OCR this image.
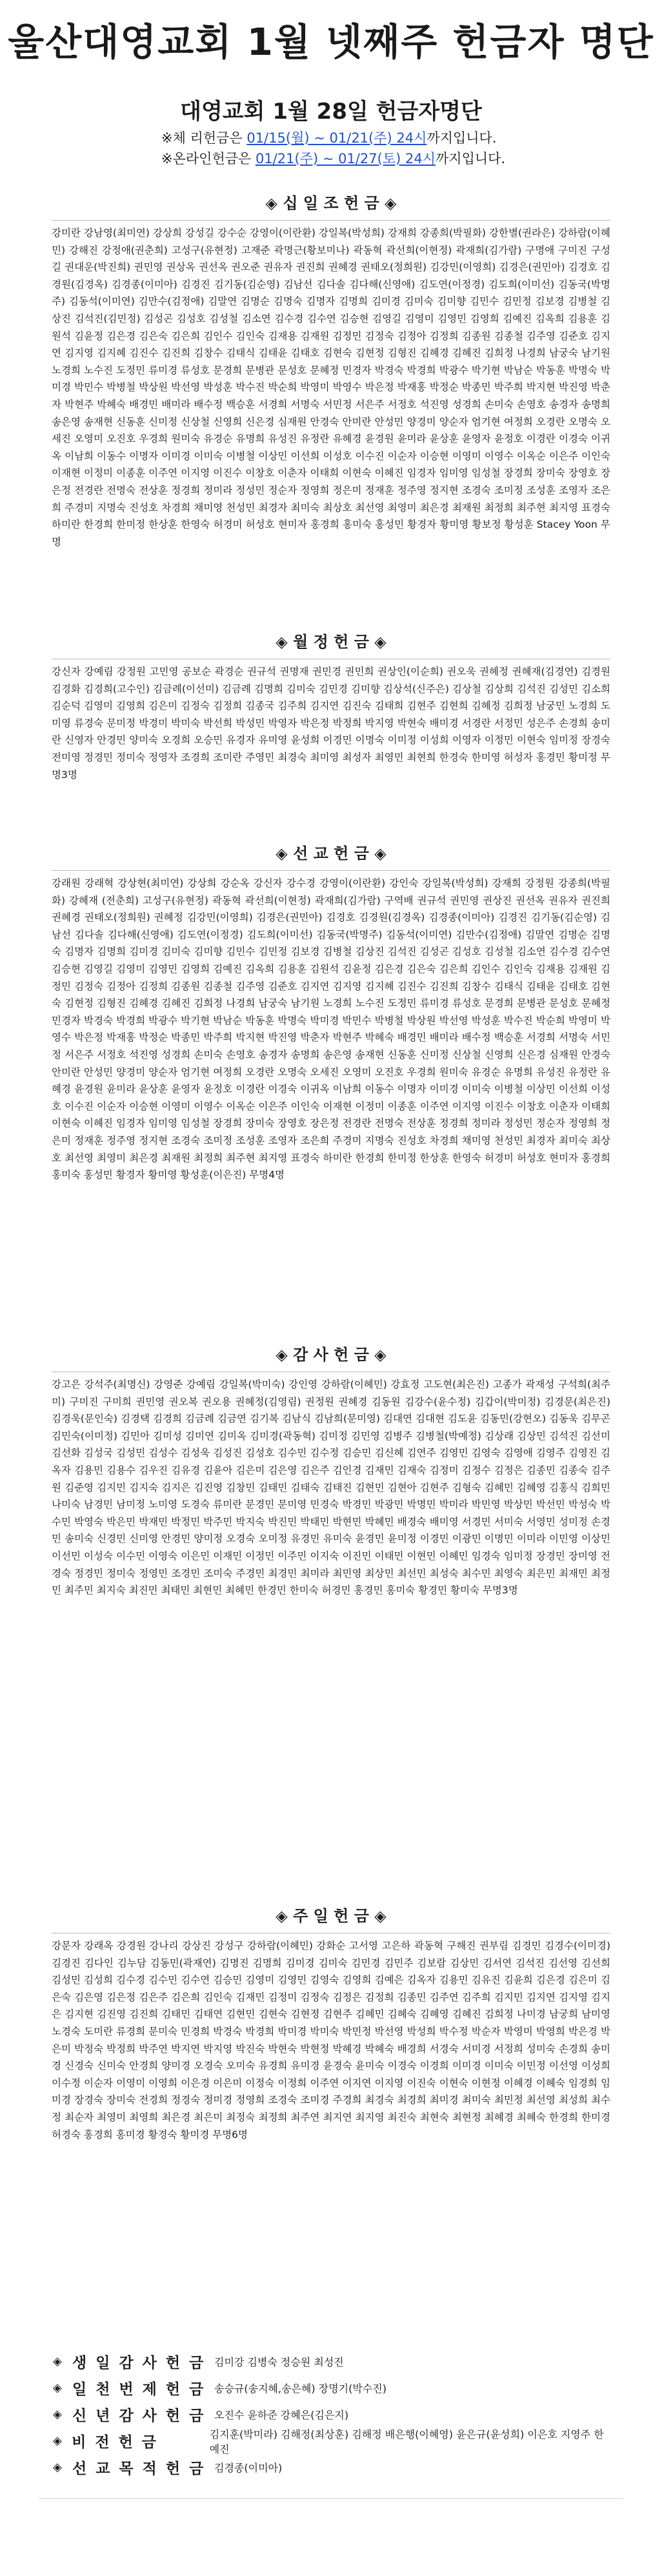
울산대영교회 1월 넷째주 헌금자 명단
대영교회 1월 28일 헌금자명단
※체 리헌금은 01/15(월) ~ 01/21(주) 24시까지입니다.
※온라인헌금은 01/21(주) ~ 01/27(토) 24시까지입니다.
◈ 십 일 조 헌 금 ◈
강미란 강남영(최미연) 강상희 강성길 강수순 강영이(이란환) 강일복(박성희) 강재희 강종희(박필화) 강한별(권라은) 강하람(이혜민) 강해진 강정애(권춘희) 고성구(유현정) 고재준 곽명근(황보미나) 곽동혁 곽선희(이현정) 곽재희(김가람) 구명애 구미진 구성길 권대운(박진희) 권민영 권상옥 권선옥 권오준 권유자 권진희 권혜경 권태오(정희원) 김강민(이영희) 김경은(권민아) 김경호 김경원(김경옥) 김경종(이미아) 김경진 김기동(김순영) 김남선 김다솔 김다해(신영애) 김도연(이정경) 김도희(이미선) 김동국(박명주) 김동석(이미연) 김만수(김정애) 김말연 김명순 김명숙 김명자 김명희 김미경 김미숙 김미향 김민수 김민정 김보경 김병철 김상진 김석진(김민정) 김성곤 김성호 김성철 김소연 김수경 김수연 김승현 김영길 김영미 김영민 김영희 김예진 김옥희 김용훈 김원석 김윤정 김은경 김은숙 김은희 김인수 김인숙 김재용 김재원 김정민 김정숙 김정아 김정희 김종원 김종철 김주영 김준호 김지연 김지영 김지혜 김진수 김진희 김창수 김태식 김태윤 김태호 김현숙 김현정 김형진 김혜경 김혜진 김희정 나경희 남궁숙 남기원 노경희 노수진 도정민 류미경 류성호 문경희 문병관 문성호 문혜정 민경자 박경숙 박경희 박광수 박기현 박남순 박동훈 박명숙 박미경 박민수 박병철 박상원 박선영 박성훈 박수진 박순희 박영미 박영수 박은정 박재홍 박정순 박종민 박주희 박지현 박진영 박춘자 박현주 박혜숙 배경민 배미라 배수정 백승훈 서경희 서명숙 서민정 서은주 서정호 석진영 성경희 손미숙 손영호 송경자 송명희 송은영 송재현 신동훈 신미정 신상철 신영희 신은경 심재원 안경숙 안미란 안성민 양경미 양순자 엄기현 여정희 오경란 오명숙 오세진 오영미 오진호 우경희 원미숙 유경순 유명희 유성진 유정란 유혜경 윤경원 윤미라 윤상훈 윤영자 윤정호 이경란 이경숙 이귀옥 이남희 이동수 이명자 이미경 이미숙 이병철 이상민 이선희 이성호 이수진 이순자 이승현 이영미 이영수 이옥순 이은주 이인숙 이재현 이정미 이종훈 이주연 이지영 이진수 이창호 이춘자 이태희 이현숙 이혜진 임경자 임미영 임성철 장경희 장미숙 장영호 장은정 전경란 전명숙 전상훈 정경희 정미라 정성민 정순자 정영희 정은미 정재훈 정주영 정지현 조경숙 조미정 조성훈 조영자 조은희 주경미 지명숙 진성호 차경희 채미영 천성민 최경자 최미숙 최상호 최선영 최영미 최은경 최재원 최정희 최주현 최지영 표경숙 하미란 한경희 한미정 한상훈 한영숙 허경미 허성호 현미자 홍경희 홍미숙 홍성민 황경자 황미영 황보정 황성훈 Stacey Yoon 무명
◈ 월 정 헌 금 ◈
강신자 강예림 강정원 고민영 공보순 곽경순 권규석 권명재 권민경 권민희 권상인(이순희) 권오욱 권혜정 권혜재(김경연) 김경원 김경화 김경희(고수인) 김금례(이선미) 김금례 김명희 김미숙 김민경 김미향 김상석(신주은) 김상철 김상희 김석진 김성민 김소희 김순덕 김영미 김영희 김은미 김정숙 김정희 김종국 김주희 김지연 김진숙 김태희 김현주 김현희 김혜정 김희정 남궁민 노경희 도미영 류경숙 문미정 박경미 박미숙 박선희 박성민 박영자 박은정 박정희 박지영 박현숙 배미경 서경란 서정민 성은주 손경희 송미란 신영자 안경민 양미숙 오경희 오승민 유경자 유미영 윤성희 이경민 이명숙 이미정 이성희 이영자 이정민 이현숙 임미정 장경숙 전미영 정경민 정미숙 정영자 조경희 조미란 주영민 최경숙 최미영 최성자 최영민 최현희 한경숙 한미영 허성자 홍경민 황미정 무명3명
◈ 선 교 헌 금 ◈
강래원 강래혁 강상현(최미연) 강상희 강순옥 강신자 강수경 강영이(이란환) 강인숙 강일복(박성희) 강재희 강정원 강종희(박필화) 강혜재 (전춘희) 고성구(유현정) 곽동혁 곽선희(이현정) 곽재희(김가람) 구역배 권규석 권민영 권상진 권선옥 권유자 권진희 권혜경 권태오(정희원) 권혜정 김강민(이영희) 김경은(권민아) 김경호 김경원(김경옥) 김경종(이미아) 김경진 김기동(김순영) 김남선 김다솔 김다해(신영애) 김도연(이정경) 김도희(이미선) 김동국(박명주) 김동석(이미연) 김만수(김정애) 김말연 김명순 김명숙 김명자 김명희 김미경 김미숙 김미향 김민수 김민정 김보경 김병철 김상진 김석진 김성곤 김성호 김성철 김소연 김수경 김수연 김승현 김영길 김영미 김영민 김영희 김예진 김옥희 김용훈 김원석 김윤정 김은경 김은숙 김은희 김인수 김인숙 김재용 김재원 김정민 김정숙 김정아 김정희 김종원 김종철 김주영 김준호 김지연 김지영 김지혜 김진수 김진희 김창수 김태식 김태윤 김태호 김현숙 김현정 김형진 김혜경 김혜진 김희정 나경희 남궁숙 남기원 노경희 노수진 도정민 류미경 류성호 문경희 문병관 문성호 문혜정 민경자 박경숙 박경희 박광수 박기현 박남순 박동훈 박명숙 박미경 박민수 박병철 박상원 박선영 박성훈 박수진 박순희 박영미 박영수 박은정 박재홍 박정순 박종민 박주희 박지현 박진영 박춘자 박현주 박혜숙 배경민 배미라 배수정 백승훈 서경희 서명숙 서민정 서은주 서정호 석진영 성경희 손미숙 손영호 송경자 송명희 송은영 송재현 신동훈 신미정 신상철 신영희 신은경 심재원 안경숙 안미란 안성민 양경미 양순자 엄기현 여정희 오경란 오명숙 오세진 오영미 오진호 우경희 원미숙 유경순 유명희 유성진 유정란 유혜경 윤경원 윤미라 윤상훈 윤영자 윤정호 이경란 이경숙 이귀옥 이남희 이동수 이명자 이미경 이미숙 이병철 이상민 이선희 이성호 이수진 이순자 이승현 이영미 이영수 이옥순 이은주 이인숙 이재현 이정미 이종훈 이주연 이지영 이진수 이창호 이춘자 이태희 이현숙 이혜진 임경자 임미영 임성철 장경희 장미숙 장영호 장은정 전경란 전명숙 전상훈 정경희 정미라 정성민 정순자 정영희 정은미 정재훈 정주영 정지현 조경숙 조미정 조성훈 조영자 조은희 주경미 지명숙 진성호 차경희 채미영 천성민 최경자 최미숙 최상호 최선영 최영미 최은경 최재원 최정희 최주현 최지영 표경숙 하미란 한경희 한미정 한상훈 한영숙 허경미 허성호 현미자 홍경희 홍미숙 홍성민 황경자 황미영 황성훈(이은진) 무명4명
◈ 감 사 헌 금 ◈
강고은 강석주(최명신) 강영준 강예림 강일복(박미숙) 강인영 강하람(이혜민) 강효정 고도현(최은진) 고종가 곽재성 구석희(최주미) 구미진 구미희 권민영 권오복 권오용 권혜정(김영림) 권정원 권혜경 김동원 김강수(윤수정) 김갑이(박미정) 김경문(최은진) 김경욱(문인숙) 김경택 김경희 김금례 김금연 김기복 김남식 김남희(문미영) 김대연 김대현 김도윤 김동민(강현오) 김동욱 김무곤 김민숙(이미정) 김민아 김미성 김미연 김미옥 김미경(곽동혁) 김미정 김민영 김병주 김병철(박예정) 김상래 김상민 김석진 김선미 김선화 김성국 김성민 김성수 김성욱 김성진 김성호 김수민 김수정 김승민 김신혜 김연주 김영민 김영숙 김영애 김영주 김영진 김옥자 김용민 김용수 김우진 김유경 김윤아 김은미 김은영 김은주 김인경 김재민 김재숙 김정미 김정수 김정은 김종민 김종숙 김주원 김준영 김지민 김지숙 김지은 김진영 김창민 김태민 김태숙 김태진 김현민 김현아 김현주 김형숙 김혜민 김혜영 김홍식 김희민 나미숙 남경민 남미정 노미영 도경숙 류미란 문경민 문미영 민경숙 박경민 박광민 박명민 박미라 박민영 박상민 박선민 박성숙 박수민 박영숙 박은민 박재민 박정민 박주민 박지숙 박진민 박태민 박현민 박혜민 배경숙 배미영 서경민 서미숙 서영민 성미정 손경민 송미숙 신경민 신미영 안경민 양미정 오경숙 오미정 유경민 유미숙 윤경민 윤미정 이경민 이광민 이명민 이미라 이민영 이상민 이선민 이성숙 이수민 이영숙 이은민 이재민 이정민 이주민 이지숙 이진민 이태민 이현민 이혜민 임경숙 임미정 장경민 장미영 전경숙 정경민 정미숙 정영민 조경민 조미숙 주경민 최경민 최미라 최민영 최상민 최선민 최성숙 최수민 최영숙 최은민 최재민 최정민 최주민 최지숙 최진민 최태민 최현민 최혜민 한경민 한미숙 허경민 홍경민 홍미숙 황경민 황미숙 무명3명
◈ 주 일 헌 금 ◈
강문자 강래옥 강경원 강나리 강상진 강성구 강하람(이혜민) 강화순 고서영 고은하 곽동혁 구해진 권부림 김경민 김경수(이미경) 김경진 김다인 김누담 김동민(곽재연) 김명진 김명희 김미경 김미숙 김민경 김민주 김보람 김상민 김서연 김석진 김선영 김선희 김성민 김성희 김수경 김수민 김수연 김승민 김영미 김영민 김영숙 김영희 김예은 김옥자 김용민 김유진 김윤희 김은경 김은미 김은숙 김은영 김은정 김은주 김은희 김인숙 김재민 김정미 김정숙 김정은 김정희 김종민 김주연 김주희 김지민 김지연 김지영 김지은 김지현 김진영 김진희 김태민 김태연 김현민 김현숙 김현정 김현주 김혜민 김혜숙 김혜영 김혜진 김희정 나미경 남궁희 남미영 노경숙 도미란 류경희 문미숙 민경희 박경숙 박경희 박미경 박미숙 박민정 박선영 박성희 박수정 박순자 박영미 박영희 박은경 박은미 박정숙 박정희 박주연 박지연 박지영 박진숙 박현숙 박현정 박혜경 박혜숙 배경희 서경숙 서미경 서정희 성미숙 손경희 송미경 신경숙 신미숙 안경희 양미경 오경숙 오미숙 유경희 유미경 윤경숙 윤미숙 이경숙 이경희 이미경 이미숙 이민정 이선영 이성희 이수정 이순자 이영미 이영희 이은경 이은미 이정숙 이정희 이주연 이지연 이지영 이진숙 이현숙 이현정 이혜경 이혜숙 임경희 임미경 장경숙 장미숙 전경희 정경숙 정미경 정영희 조경숙 조미경 주경희 최경숙 최경희 최미경 최미숙 최민정 최선영 최성희 최수정 최순자 최영미 최영희 최은경 최은미 최정숙 최정희 최주연 최지연 최지영 최진숙 최현숙 최현정 최혜경 최혜숙 한경희 한미경 허경숙 홍경희 홍미경 황경숙 황미경 무명6명
◈ 생 일 감 사 헌 금 김미강 김병숙 정승원 최성진
◈ 일 천 번 제 헌 금 송승규(송지혜,송은혜) 장명기(박수진)
◈ 신 년 감 사 헌 금 오진수 윤하준 강혜은(김은지)
◈ 비 전 헌 금	김지훈(박미라) 김해정(최상훈) 김해정 배은행(이혜영) 윤은규(윤성희) 이은호 지영주 한예진
◈ 선 교 목 적 헌 금 김경종(이미아)
